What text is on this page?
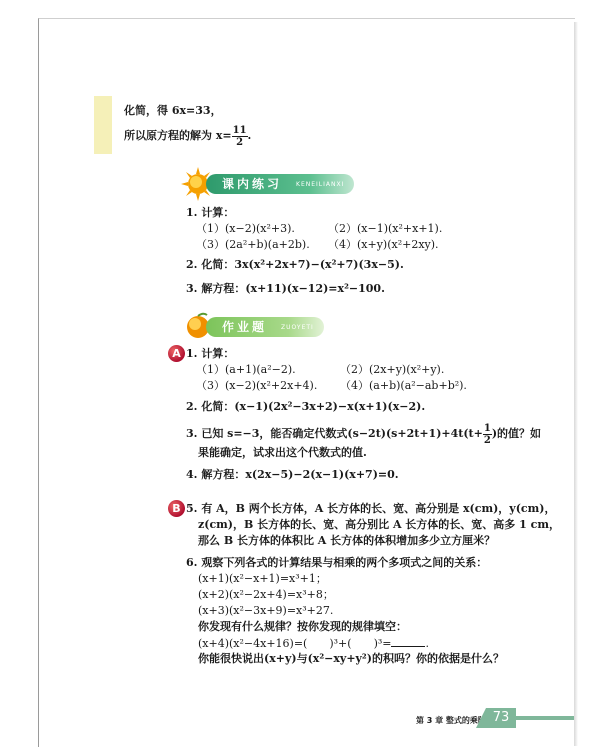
化简，得 6x=33，
所以原方程的解为 $x= \frac{11}{2}$ .
课内练习 KENEILIANXI
1. 计算：
（1）(x−2)(x²+3).	（2）(x−1)(x²+x+1).
（3）(2a²+b)(a+2b). （4）(x+y)(x²+2xy).
2. 化简：3x(x²+2x+7)−(x²+7)(3x−5).
3. 解方程：(x+11)(x−12)=x²−100.
作业题 ZUOYETI
A 1. 计算：
（1）(a+1)(a²−2).	（2）(2x+y)(x²+y).
（3）(x−2)(x²+2x+4). （4）(a+b)(a²−ab+b²).
2. 化简：(x−1)(2x²−3x+2)−x(x+1)(x−2).
3. 已知 s=−3，能否确定代数式$(s-2t)(s+2t+1)+4t(t+ \frac{1}{2}$ )的值？如
果能确定，试求出这个代数式的值.
4. 解方程：x(2x−5)−2(x−1)(x+7)=0.
B 5. 有 A，B 两个长方体，A 长方体的长、宽、高分别是 x(cm)，y(cm)，
z(cm)，B 长方体的长、宽、高分别比 A 长方体的长、宽、高多 1 cm，
那么 B 长方体的体积比 A 长方体的体积增加多少立方厘米？
6. 观察下列各式的计算结果与相乘的两个多项式之间的关系：
(x+1)(x²−x+1)=x³+1；
(x+2)(x²−2x+4)=x³+8；
(x+3)(x²−3x+9)=x³+27.
你发现有什么规律？按你发现的规律填空：
(x+4)(x²−4x+16)=( )³+( )³=	.
你能很快说出(x+y)与(x²−xy+y²)的积吗？你的依据是什么？
第 3 章 整式的乘除 73
